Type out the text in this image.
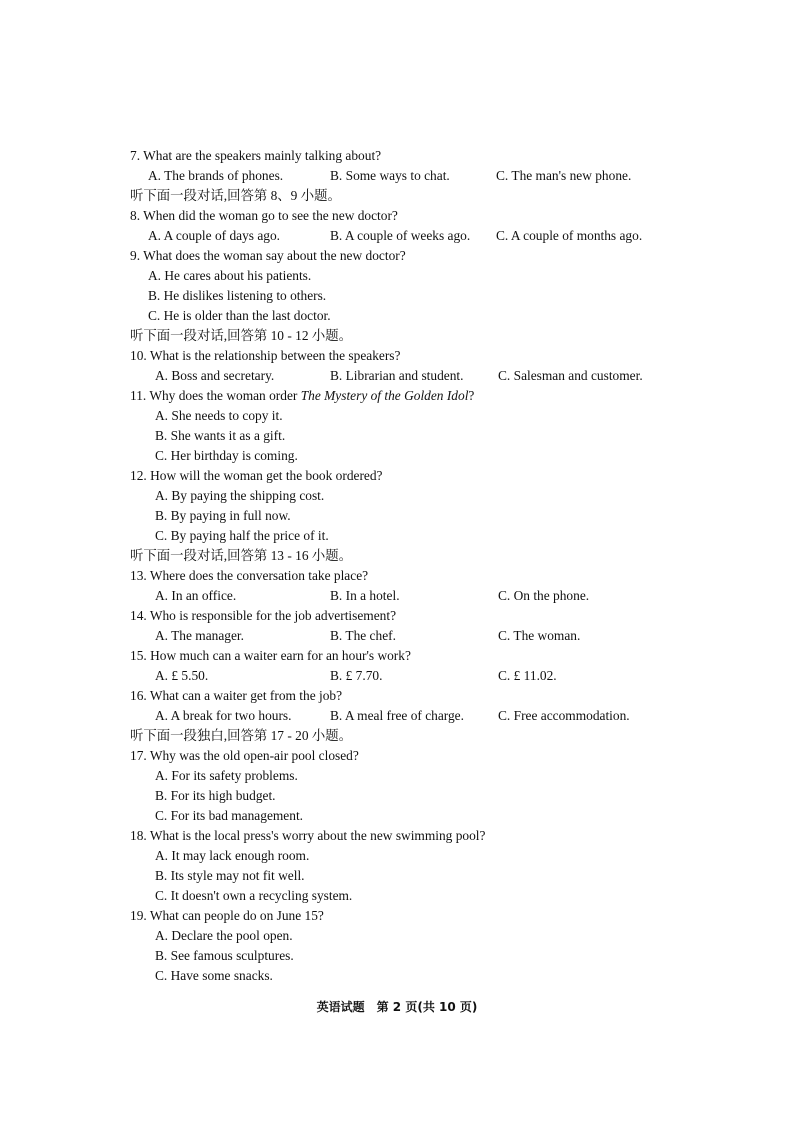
7. What are the speakers mainly talking about?
A. The brands of phones.	B. Some ways to chat.	C. The man's new phone.
听下面一段对话,回答第 8、9 小题。
8. When did the woman go to see the new doctor?
A. A couple of days ago.	B. A couple of weeks ago. C. A couple of months ago.
9. What does the woman say about the new doctor?
A. He cares about his patients.
B. He dislikes listening to others.
C. He is older than the last doctor.
听下面一段对话,回答第 10 - 12 小题。
10. What is the relationship between the speakers?
A. Boss and secretary.	B. Librarian and student.	C. Salesman and customer.
11. Why does the woman order The Mystery of the Golden Idol?
A. She needs to copy it.
B. She wants it as a gift.
C. Her birthday is coming.
12. How will the woman get the book ordered?
A. By paying the shipping cost.
B. By paying in full now.
C. By paying half the price of it.
听下面一段对话,回答第 13 - 16 小题。
13. Where does the conversation take place?
A. In an office.	B. In a hotel.	C. On the phone.
14. Who is responsible for the job advertisement?
A. The manager.	B. The chef.	C. The woman.
15. How much can a waiter earn for an hour's work?
A. £ 5.50.	B. £ 7.70.	C. £ 11.02.
16. What can a waiter get from the job?
A. A break for two hours.	B. A meal free of charge.	C. Free accommodation.
听下面一段独白,回答第 17 - 20 小题。
17. Why was the old open-air pool closed?
A. For its safety problems.
B. For its high budget.
C. For its bad management.
18. What is the local press's worry about the new swimming pool?
A. It may lack enough room.
B. Its style may not fit well.
C. It doesn't own a recycling system.
19. What can people do on June 15?
A. Declare the pool open.
B. See famous sculptures.
C. Have some snacks.
英语试题　第 2 页(共 10 页)
